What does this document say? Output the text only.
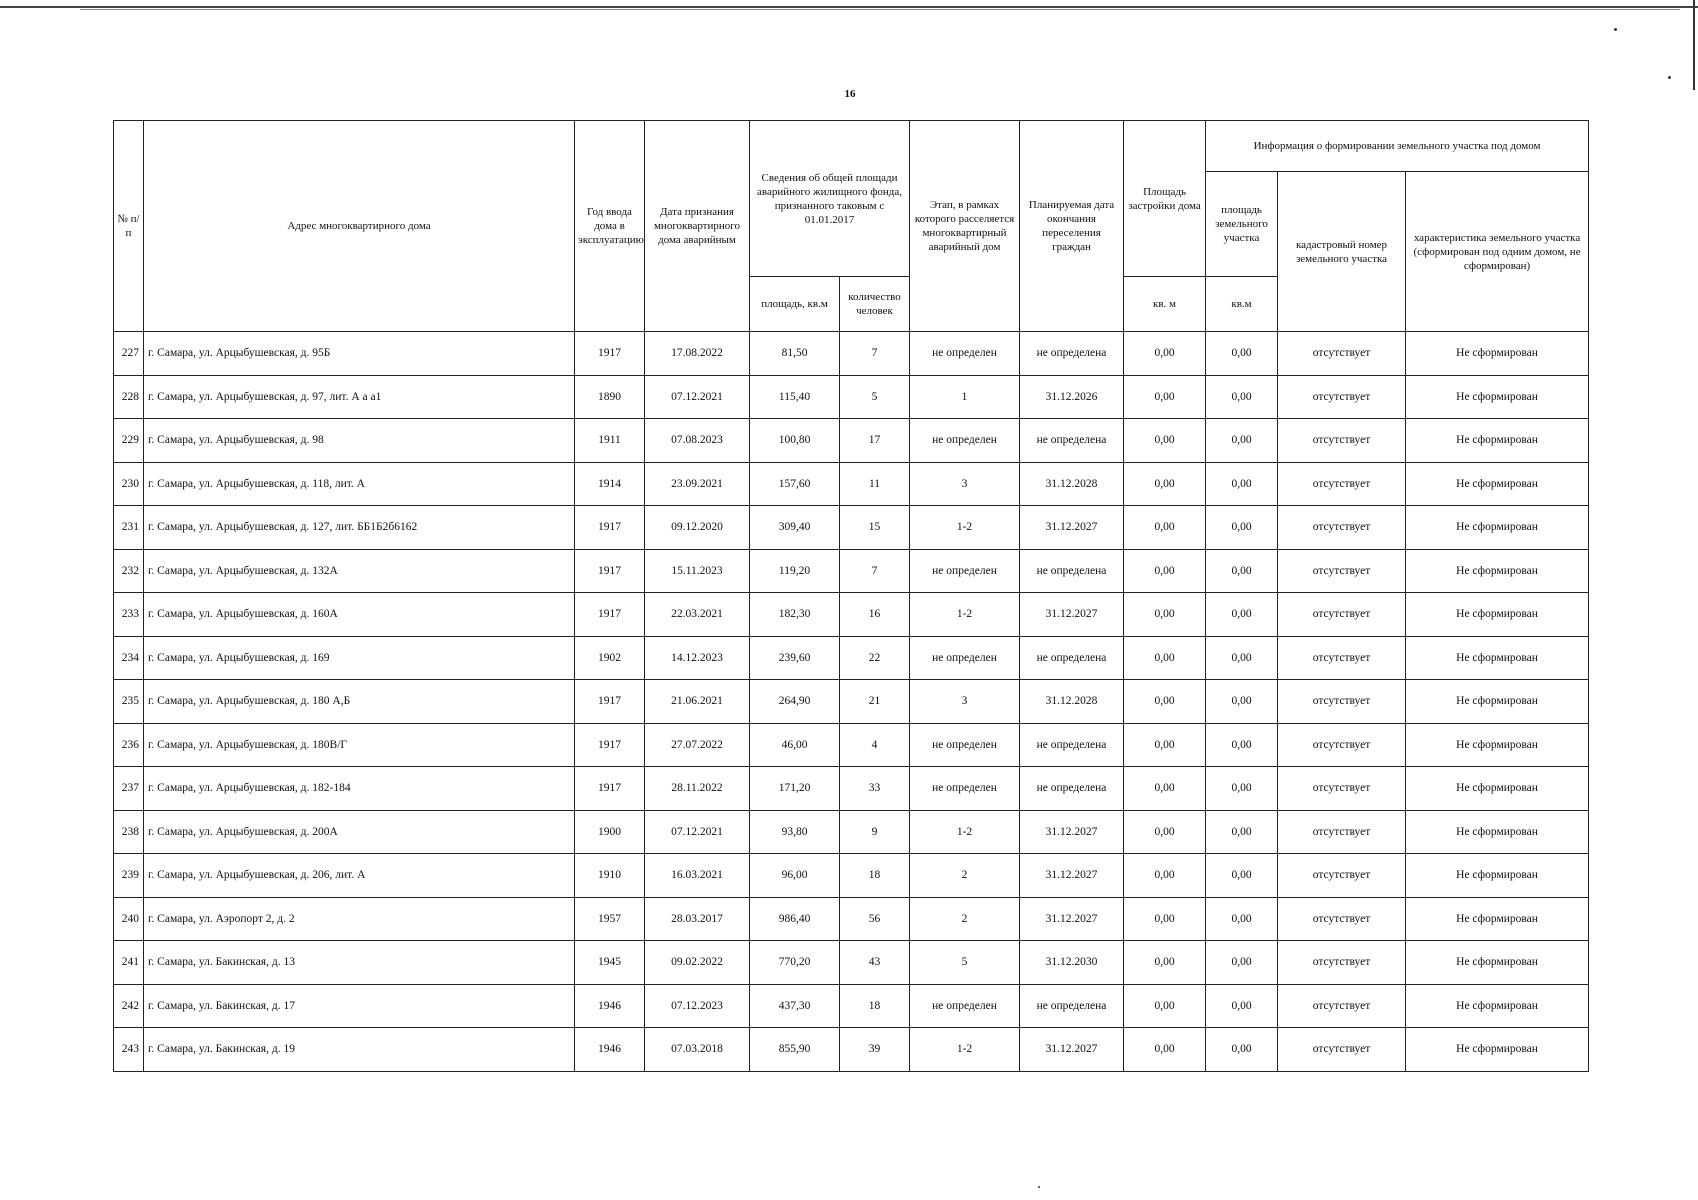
16
№ п/п	Адрес многоквартирного дома	Год ввода дома в эксплуатацию	Дата признания многоквартирного дома аварийным	Сведения об общей площади аварийного жилищного фонда, признанного таковым с 01.01.2017		Этап, в рамках которого расселяется многоквартирный аварийный дом	Планируемая дата окончания переселения граждан	Площадь застройки дома	Информация о формировании земельного участка под домом		
									площадь земельного участка	кадастровый номер земельного участка	характеристика земельного участка (сформирован под одним домом, не сформирован)
				площадь, кв.м	количество человек			кв. м	кв.м		
227	г. Самара, ул. Арцыбушевская, д. 95Б	1917	17.08.2022	81,50	7	не определен	не определена	0,00	0,00	отсутствует	Не сформирован
228	г. Самара, ул. Арцыбушевская, д. 97, лит. А а а1	1890	07.12.2021	115,40	5	1	31.12.2026	0,00	0,00	отсутствует	Не сформирован
229	г. Самара, ул. Арцыбушевская, д. 98	1911	07.08.2023	100,80	17	не определен	не определена	0,00	0,00	отсутствует	Не сформирован
230	г. Самара, ул. Арцыбушевская, д. 118, лит. А	1914	23.09.2021	157,60	11	3	31.12.2028	0,00	0,00	отсутствует	Не сформирован
231	г. Самара, ул. Арцыбушевская, д. 127, лит. ББ1Б2б6162	1917	09.12.2020	309,40	15	1-2	31.12.2027	0,00	0,00	отсутствует	Не сформирован
232	г. Самара, ул. Арцыбушевская, д. 132А	1917	15.11.2023	119,20	7	не определен	не определена	0,00	0,00	отсутствует	Не сформирован
233	г. Самара, ул. Арцыбушевская, д. 160А	1917	22.03.2021	182,30	16	1-2	31.12.2027	0,00	0,00	отсутствует	Не сформирован
234	г. Самара, ул. Арцыбушевская, д. 169	1902	14.12.2023	239,60	22	не определен	не определена	0,00	0,00	отсутствует	Не сформирован
235	г. Самара, ул. Арцыбушевская, д. 180 А,Б	1917	21.06.2021	264,90	21	3	31.12.2028	0,00	0,00	отсутствует	Не сформирован
236	г. Самара, ул. Арцыбушевская, д. 180В/Г	1917	27.07.2022	46,00	4	не определен	не определена	0,00	0,00	отсутствует	Не сформирован
237	г. Самара, ул. Арцыбушевская, д. 182-184	1917	28.11.2022	171,20	33	не определен	не определена	0,00	0,00	отсутствует	Не сформирован
238	г. Самара, ул. Арцыбушевская, д. 200А	1900	07.12.2021	93,80	9	1-2	31.12.2027	0,00	0,00	отсутствует	Не сформирован
239	г. Самара, ул. Арцыбушевская, д. 206, лит. А	1910	16.03.2021	96,00	18	2	31.12.2027	0,00	0,00	отсутствует	Не сформирован
240	г. Самара, ул. Аэропорт 2, д. 2	1957	28.03.2017	986,40	56	2	31.12.2027	0,00	0,00	отсутствует	Не сформирован
241	г. Самара, ул. Бакинская, д. 13	1945	09.02.2022	770,20	43	5	31.12.2030	0,00	0,00	отсутствует	Не сформирован
242	г. Самара, ул. Бакинская, д. 17	1946	07.12.2023	437,30	18	не определен	не определена	0,00	0,00	отсутствует	Не сформирован
243	г. Самара, ул. Бакинская, д. 19	1946	07.03.2018	855,90	39	1-2	31.12.2027	0,00	0,00	отсутствует	Не сформирован
